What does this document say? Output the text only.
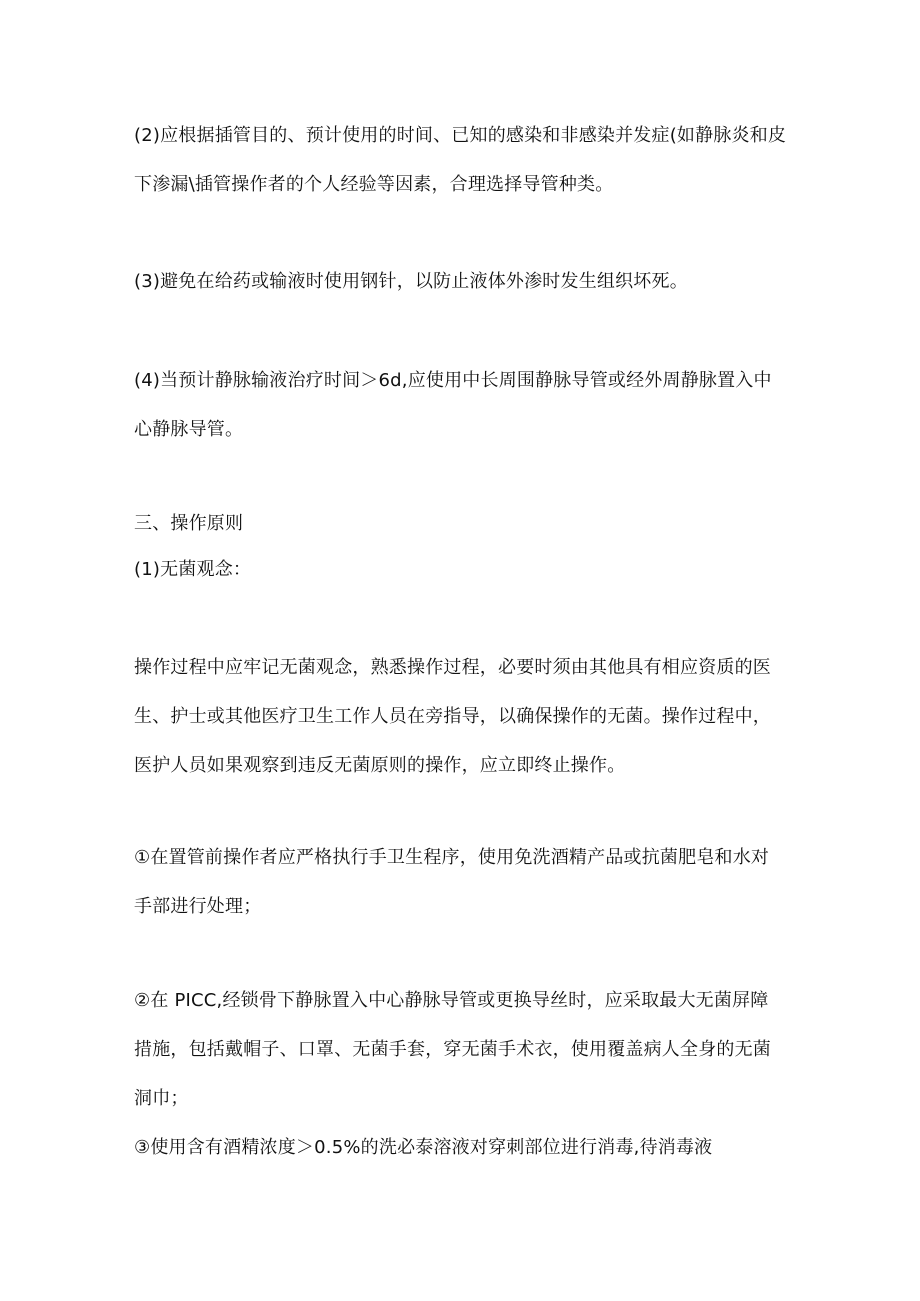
(2)应根据插管目的、预计使用的时间、已知的感染和非感染并发症(如静脉炎和皮
下渗漏\插管操作者的个人经验等因素，合理选择导管种类。

(3)避免在给药或输液时使用钢针，以防止液体外渗时发生组织坏死。

(4)当预计静脉输液治疗时间＞6d,应使用中长周围静脉导管或经外周静脉置入中
心静脉导管。

三、操作原则

(1)无菌观念：

操作过程中应牢记无菌观念，熟悉操作过程，必要时须由其他具有相应资质的医
生、护士或其他医疗卫生工作人员在旁指导，以确保操作的无菌。操作过程中，
医护人员如果观察到违反无菌原则的操作，应立即终止操作。

①在置管前操作者应严格执行手卫生程序，使用免洗酒精产品或抗菌肥皂和水对
手部进行处理；

②在 PICC,经锁骨下静脉置入中心静脉导管或更换导丝时，应采取最大无菌屏障
措施，包括戴帽子、口罩、无菌手套，穿无菌手术衣，使用覆盖病人全身的无菌
洞巾；

③使用含有酒精浓度＞0.5%的洗必泰溶液对穿刺部位进行消毒,待消毒液
